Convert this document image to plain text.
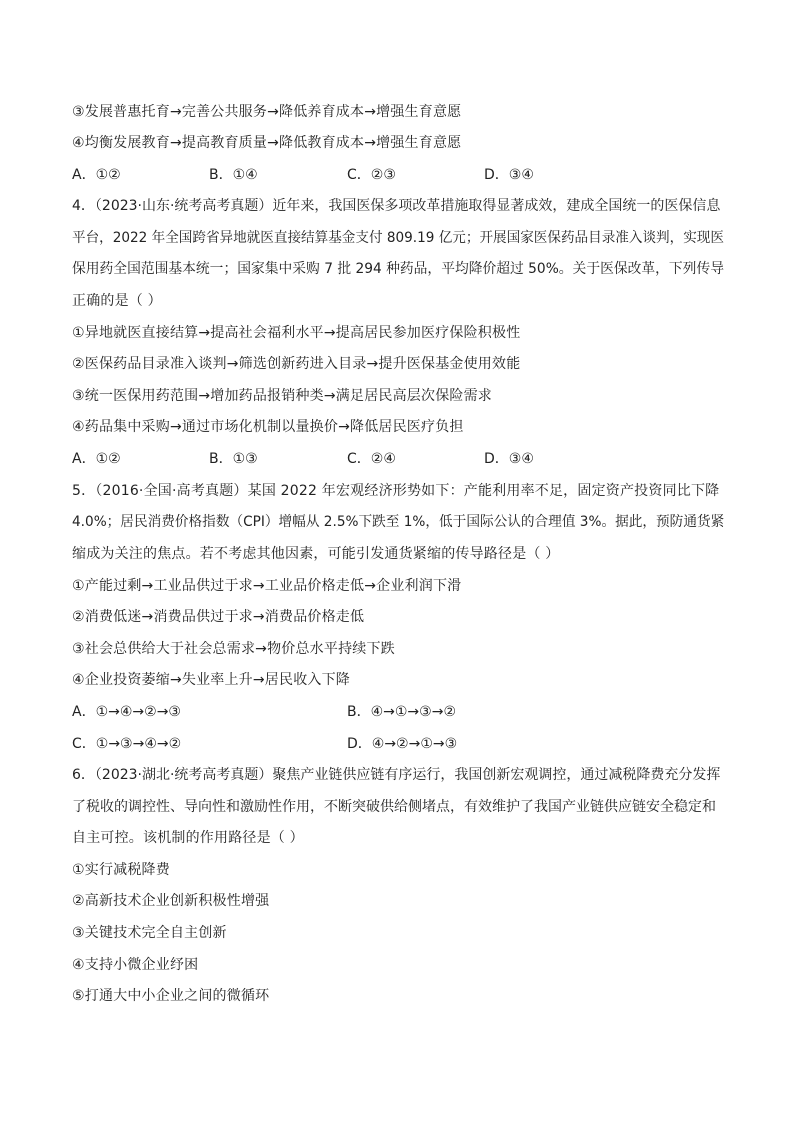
③发展普惠托育→完善公共服务→降低养育成本→增强生育意愿
④均衡发展教育→提高教育质量→降低教育成本→增强生育意愿
A．①②	B．①④	C．②③	D．③④
4．（2023·山东·统考高考真题）近年来，我国医保多项改革措施取得显著成效，建成全国统一的医保信息
平台，2022 年全国跨省异地就医直接结算基金支付 809.19 亿元；开展国家医保药品目录准入谈判，实现医
保用药全国范围基本统一；国家集中采购 7 批 294 种药品，平均降价超过 50%。关于医保改革，下列传导
正确的是（ ）
①异地就医直接结算→提高社会福利水平→提高居民参加医疗保险积极性
②医保药品目录准入谈判→筛选创新药进入目录→提升医保基金使用效能
③统一医保用药范围→增加药品报销种类→满足居民高层次保险需求
④药品集中采购→通过市场化机制以量换价→降低居民医疗负担
A．①②	B．①③	C．②④	D．③④
5．（2016·全国·高考真题）某国 2022 年宏观经济形势如下：产能利用率不足，固定资产投资同比下降
4.0%；居民消费价格指数（CPI）增幅从 2.5%下跌至 1%，低于国际公认的合理值 3%。据此，预防通货紧
缩成为关注的焦点。若不考虑其他因素，可能引发通货紧缩的传导路径是（ ）
①产能过剩→工业品供过于求→工业品价格走低→企业利润下滑
②消费低迷→消费品供过于求→消费品价格走低
③社会总供给大于社会总需求→物价总水平持续下跌
④企业投资萎缩→失业率上升→居民收入下降
A．①→④→②→③	B．④→①→③→②
C．①→③→④→②	D．④→②→①→③
6．（2023·湖北·统考高考真题）聚焦产业链供应链有序运行，我国创新宏观调控，通过减税降费充分发挥
了税收的调控性、导向性和激励性作用，不断突破供给侧堵点，有效维护了我国产业链供应链安全稳定和
自主可控。该机制的作用路径是（ ）
①实行减税降费
②高新技术企业创新积极性增强
③关键技术完全自主创新
④支持小微企业纾困
⑤打通大中小企业之间的微循环
